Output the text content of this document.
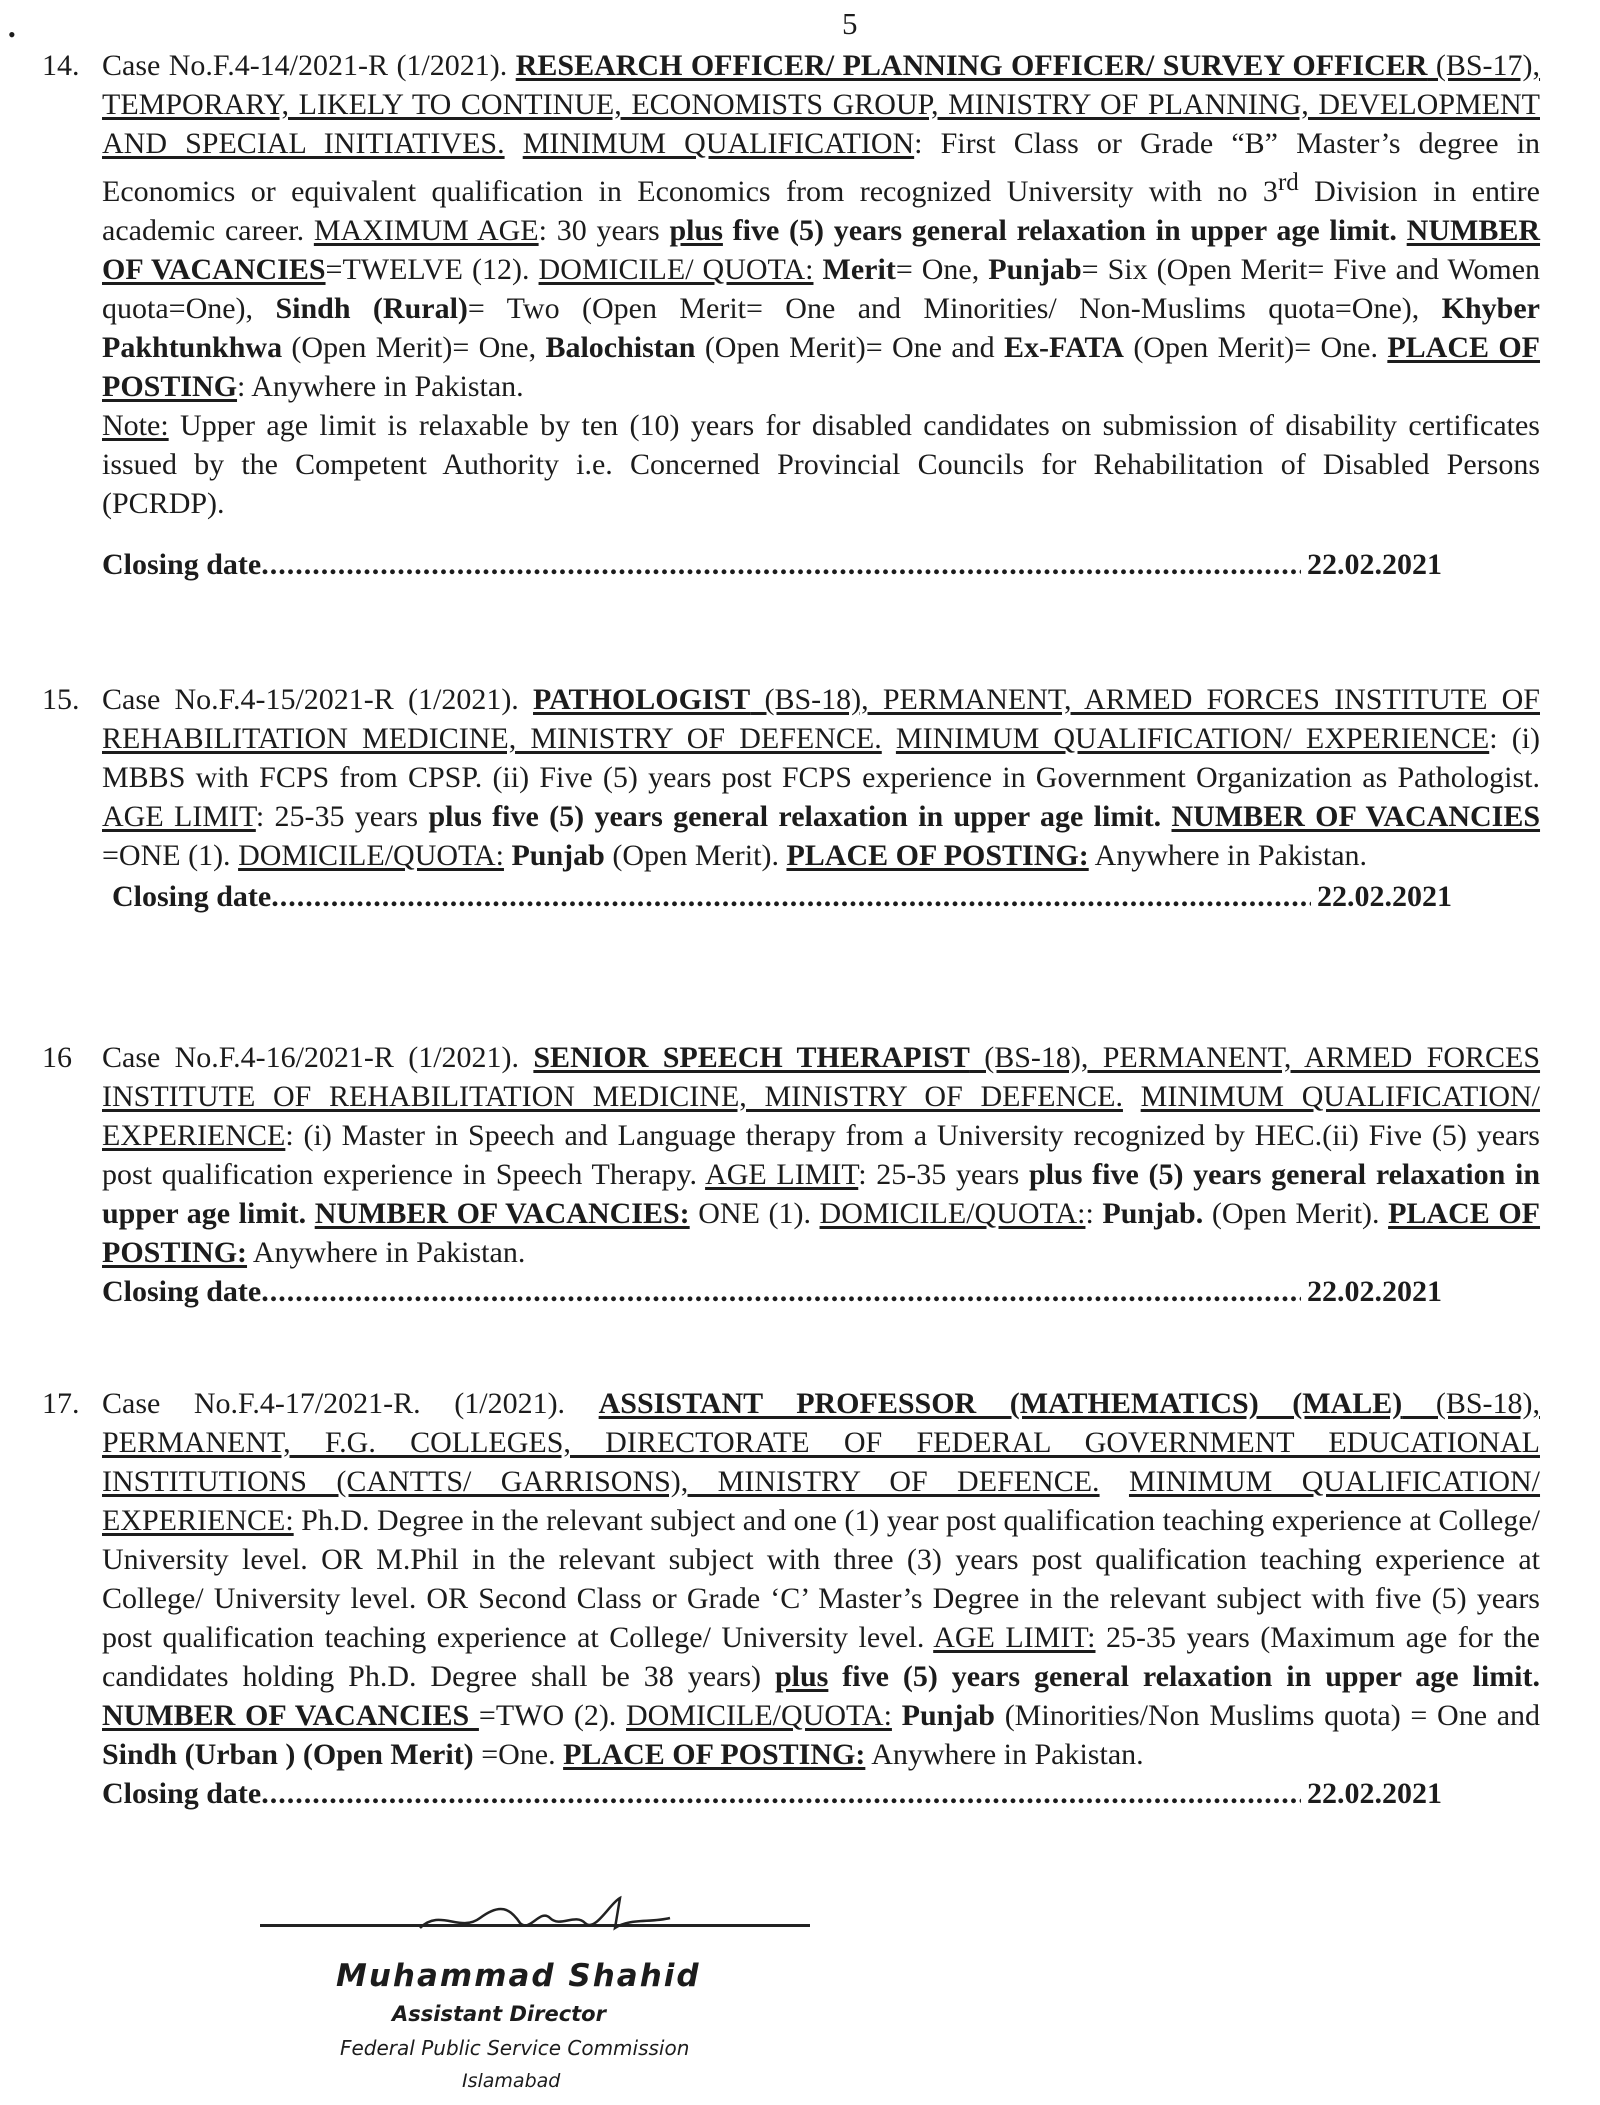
•	5
14. Case No.F.4-14/2021-R (1/2021). RESEARCH OFFICER/ PLANNING OFFICER/ SURVEY OFFICER (BS-17), TEMPORARY, LIKELY TO CONTINUE, ECONOMISTS GROUP, MINISTRY OF PLANNING, DEVELOPMENT AND SPECIAL INITIATIVES. MINIMUM QUALIFICATION: First Class or Grade “B” Master’s degree in Economics or equivalent qualification in Economics from recognized University with no 3rd Division in entire academic career. MAXIMUM AGE: 30 years plus five (5) years general relaxation in upper age limit. NUMBER OF VACANCIES=TWELVE (12). DOMICILE/ QUOTA: Merit= One, Punjab= Six (Open Merit= Five and Women quota=One), Sindh (Rural)= Two (Open Merit= One and Minorities/ Non-Muslims quota=One), Khyber Pakhtunkhwa (Open Merit)= One, Balochistan (Open Merit)= One and Ex-FATA (Open Merit)= One. PLACE OF POSTING: Anywhere in Pakistan.

Note: Upper age limit is relaxable by ten (10) years for disabled candidates on submission of disability certificates issued by the Competent Authority i.e. Concerned Provincial Councils for Rehabilitation of Disabled Persons (PCRDP).

Closing date .....	22.02.2021
15. Case No.F.4-15/2021-R (1/2021). PATHOLOGIST (BS-18), PERMANENT, ARMED FORCES INSTITUTE OF REHABILITATION MEDICINE, MINISTRY OF DEFENCE. MINIMUM QUALIFICATION/ EXPERIENCE: (i) MBBS with FCPS from CPSP. (ii) Five (5) years post FCPS experience in Government Organization as Pathologist. AGE LIMIT: 25-35 years plus five (5) years general relaxation in upper age limit. NUMBER OF VACANCIES =ONE (1). DOMICILE/QUOTA: Punjab (Open Merit). PLACE OF POSTING: Anywhere in Pakistan.

Closing date .....	22.02.2021
16 Case No.F.4-16/2021-R (1/2021). SENIOR SPEECH THERAPIST (BS-18), PERMANENT, ARMED FORCES INSTITUTE OF REHABILITATION MEDICINE, MINISTRY OF DEFENCE. MINIMUM QUALIFICATION/ EXPERIENCE: (i) Master in Speech and Language therapy from a University recognized by HEC.(ii) Five (5) years post qualification experience in Speech Therapy. AGE LIMIT: 25-35 years plus five (5) years general relaxation in upper age limit. NUMBER OF VACANCIES: ONE (1). DOMICILE/QUOTA:: Punjab. (Open Merit). PLACE OF POSTING: Anywhere in Pakistan.

Closing date .....	22.02.2021
17. Case No.F.4-17/2021-R. (1/2021). ASSISTANT PROFESSOR (MATHEMATICS) (MALE) (BS-18), PERMANENT, F.G. COLLEGES, DIRECTORATE OF FEDERAL GOVERNMENT EDUCATIONAL INSTITUTIONS (CANTTS/ GARRISONS), MINISTRY OF DEFENCE. MINIMUM QUALIFICATION/ EXPERIENCE: Ph.D. Degree in the relevant subject and one (1) year post qualification teaching experience at College/ University level. OR M.Phil in the relevant subject with three (3) years post qualification teaching experience at College/ University level. OR Second Class or Grade ‘C’ Master’s Degree in the relevant subject with five (5) years post qualification teaching experience at College/ University level. AGE LIMIT: 25-35 years (Maximum age for the candidates holding Ph.D. Degree shall be 38 years) plus five (5) years general relaxation in upper age limit. NUMBER OF VACANCIES =TWO (2). DOMICILE/QUOTA: Punjab (Minorities/Non Muslims quota) = One and Sindh (Urban ) (Open Merit) =One. PLACE OF POSTING: Anywhere in Pakistan.

Closing date .....	22.02.2021
Muhammad Shahid
Assistant Director
Federal Public Service Commission
Islamabad
